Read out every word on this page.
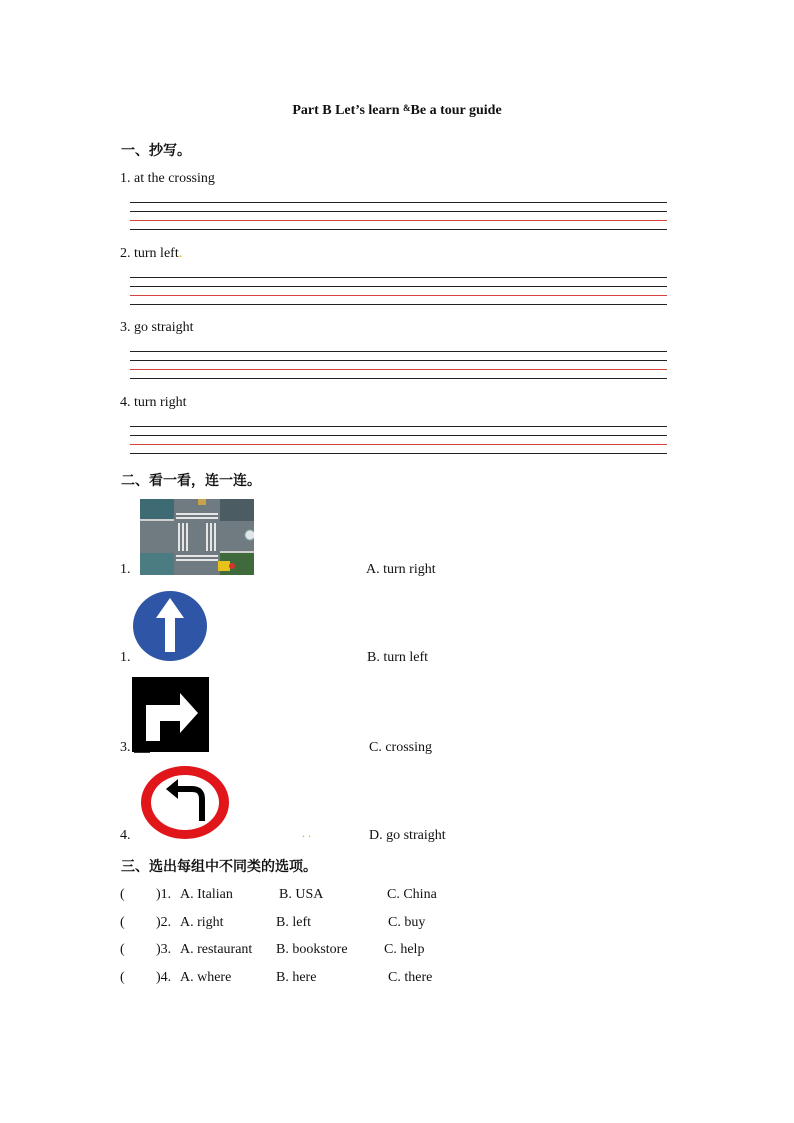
Part B Let’s learn &Be a tour guide
一、抄写。
1. at the crossing
2. turn left.
3. go straight
4. turn right
二、看一看，连一连。
1.	A. turn right
1.	B. turn left
3.	C. crossing
4.	. .	D. go straight
三、选出每组中不同类的选项。
( )1. A. Italian	B. USA	C. China
( )2. A. right	B. left	C. buy
( )3. A. restaurant B. bookstore	C. help
( )4. A. where	B. here	C. there
